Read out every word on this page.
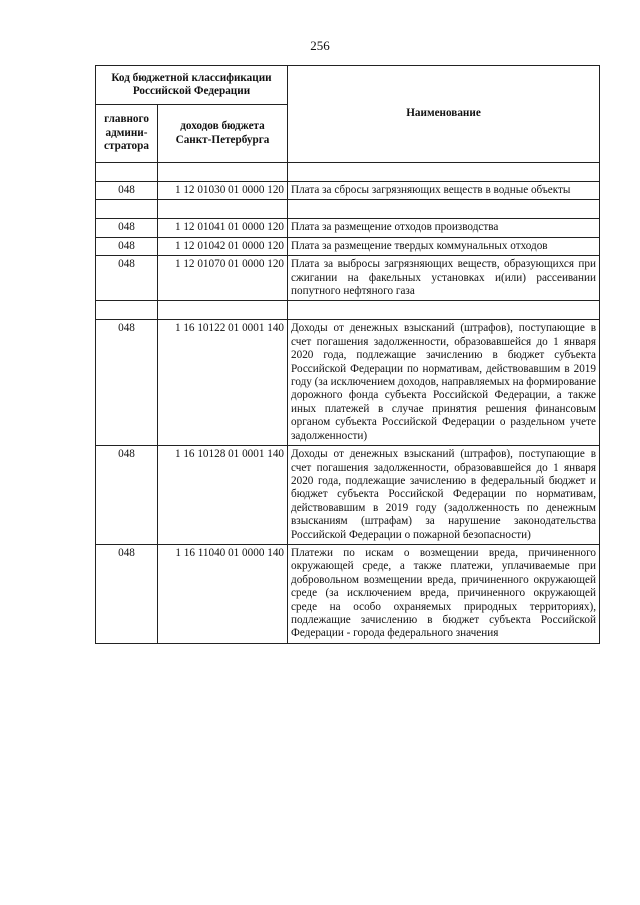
256
Код бюджетной классификации Российской Федерации		Наименование
главного админи-стратора	доходов бюджета Санкт-Петербурга	

048	1 12 01030 01 0000 120	Плата за сбросы загрязняющих веществ в водные объекты

048	1 12 01041 01 0000 120	Плата за размещение отходов производства
048	1 12 01042 01 0000 120	Плата за размещение твердых коммунальных отходов
048	1 12 01070 01 0000 120	Плата за выбросы загрязняющих веществ, образующихся при сжигании на факельных установках и(или) рассеивании попутного нефтяного газа

048	1 16 10122 01 0001 140	Доходы от денежных взысканий (штрафов), поступающие в счет погашения задолженности, образовавшейся до 1 января 2020 года, подлежащие зачислению в бюджет субъекта Российской Федерации по нормативам, действовавшим в 2019 году (за исключением доходов, направляемых на формирование дорожного фонда субъекта Российской Федерации, а также иных платежей в случае принятия решения финансовым органом субъекта Российской Федерации о раздельном учете задолженности)
048	1 16 10128 01 0001 140	Доходы от денежных взысканий (штрафов), поступающие в счет погашения задолженности, образовавшейся до 1 января 2020 года, подлежащие зачислению в федеральный бюджет и бюджет субъекта Российской Федерации по нормативам, действовавшим в 2019 году (задолженность по денежным взысканиям (штрафам) за нарушение законодательства Российской Федерации о пожарной безопасности)
048	1 16 11040 01 0000 140	Платежи по искам о возмещении вреда, причиненного окружающей среде, а также платежи, уплачиваемые при добровольном возмещении вреда, причиненного окружающей среде (за исключением вреда, причиненного окружающей среде на особо охраняемых природных территориях), подлежащие зачислению в бюджет субъекта Российской Федерации - города федерального значения
